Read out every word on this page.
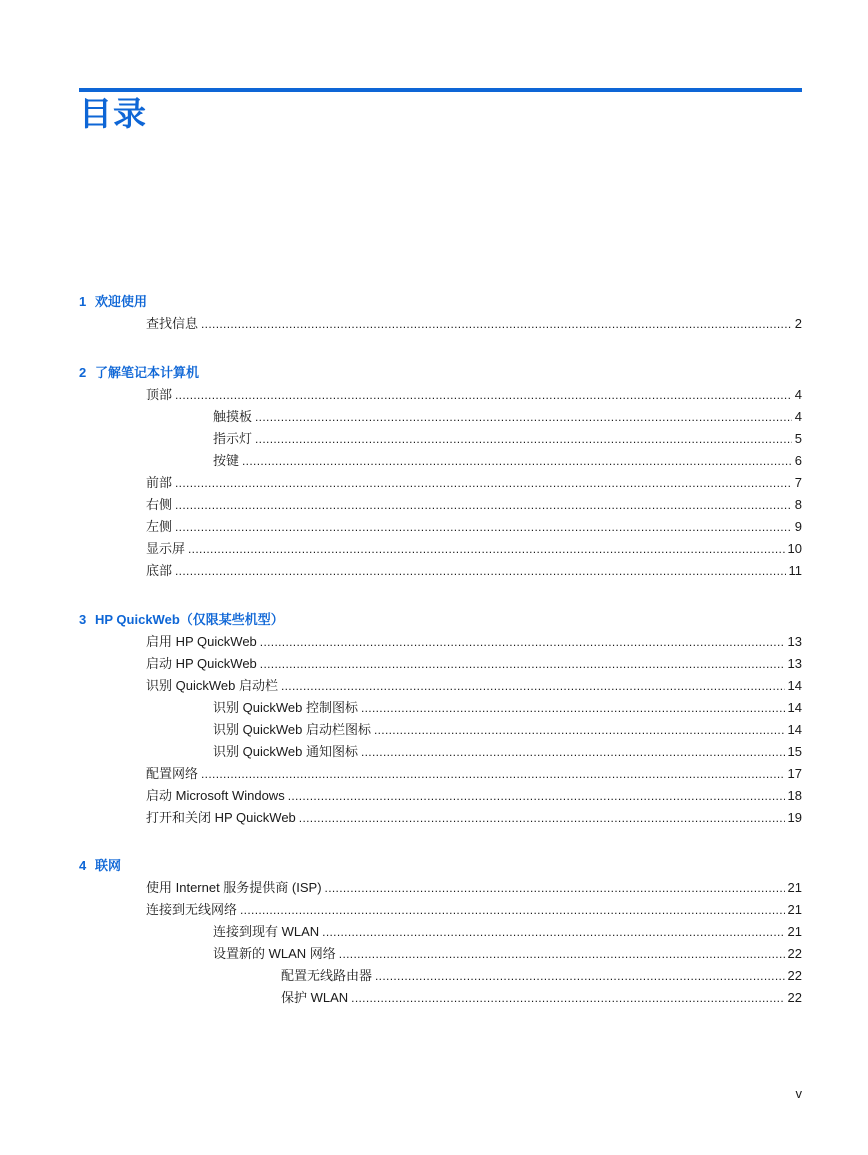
目录
1 欢迎使用
查找信息 . . .	2
2 了解笔记本计算机
顶部 . . .	4
触摸板 . . .	4
指示灯 . . .	5
按键 . . .	6
前部 . . .	7
右侧 . . .	8
左侧 . . .	9
显示屏 . . .	10
底部 . . .	11
3 HP QuickWeb（仅限某些机型）
启用 HP QuickWeb . . .	13
启动 HP QuickWeb . . .	13
识别 QuickWeb 启动栏 . . .	14
识别 QuickWeb 控制图标 . . .	14
识别 QuickWeb 启动栏图标 . . .	14
识别 QuickWeb 通知图标 . . .	15
配置网络 . . .	17
启动 Microsoft Windows . . .	18
打开和关闭 HP QuickWeb . . .	19
4 联网
使用 Internet 服务提供商 (ISP) . . .	21
连接到无线网络 . . .	21
连接到现有 WLAN . . .	21
设置新的 WLAN 网络 . . .	22
配置无线路由器 . . .	22
保护 WLAN . . .	22
v
